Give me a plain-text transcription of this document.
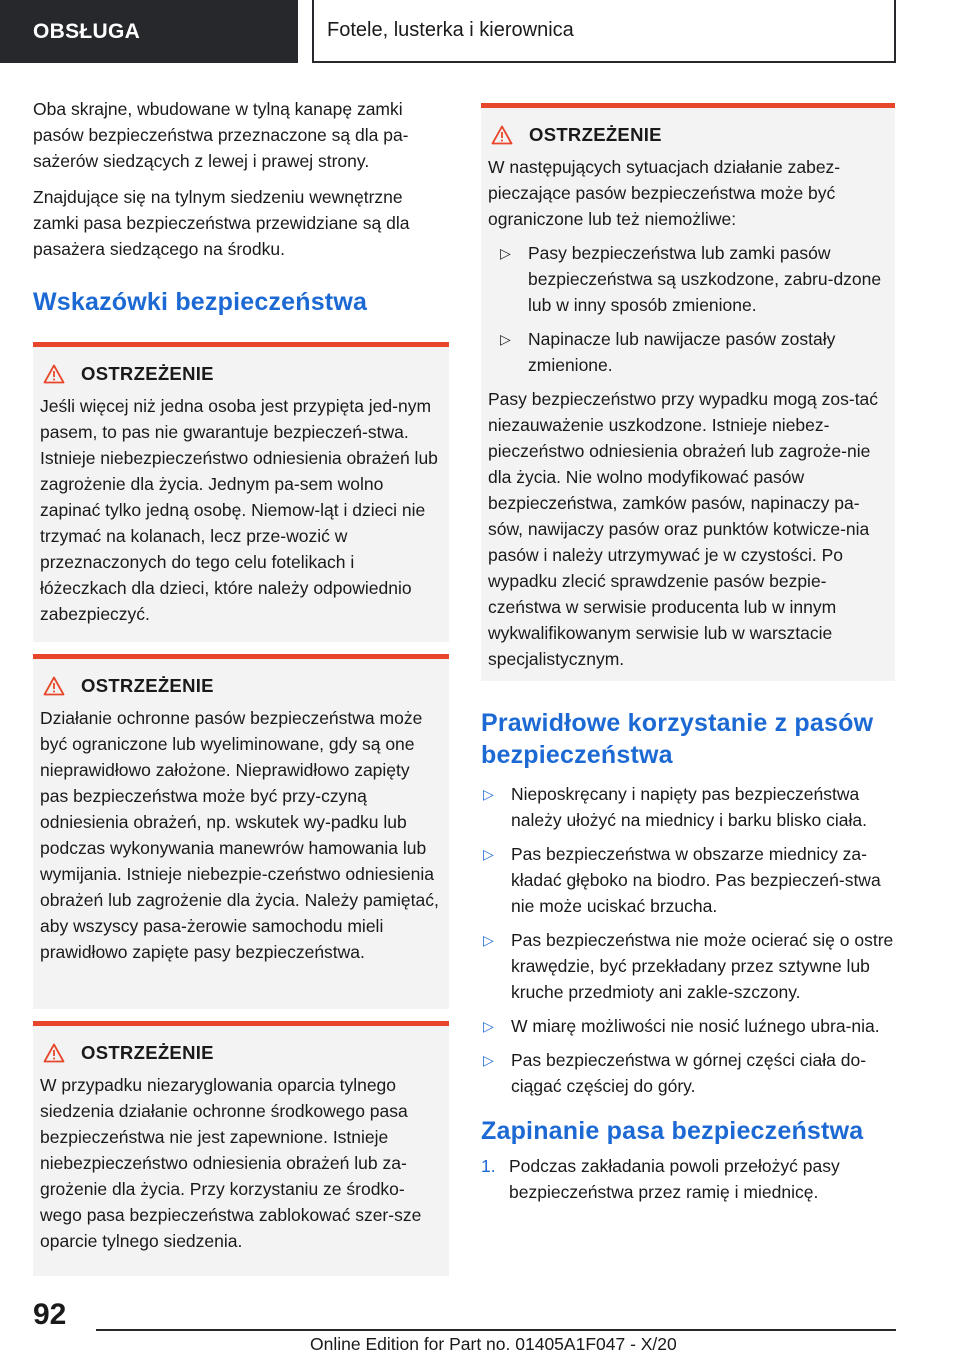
OBSŁUGA	Fotele, lusterka i kierownica

Oba skrajne, wbudowane w tylną kanapę zamki pasów bezpieczeństwa przeznaczone są dla pa-sażerów siedzących z lewej i prawej strony.

Znajdujące się na tylnym siedzeniu wewnętrzne zamki pasa bezpieczeństwa przewidziane są dla pasażera siedzącego na środku.

Wskazówki bezpieczeństwa
OSTRZEŻENIE

Jeśli więcej niż jedna osoba jest przypięta jed-nym pasem, to pas nie gwarantuje bezpieczeń-stwa. Istnieje niebezpieczeństwo odniesienia obrażeń lub zagrożenie dla życia. Jednym pa-sem wolno zapinać tylko jedną osobę. Niemow-ląt i dzieci nie trzymać na kolanach, lecz prze-wozić w przeznaczonych do tego celu fotelikach i łóżeczkach dla dzieci, które należy odpowiednio zabezpieczyć.

OSTRZEŻENIE

Działanie ochronne pasów bezpieczeństwa może być ograniczone lub wyeliminowane, gdy są one nieprawidłowo założone. Nieprawidłowo zapięty pas bezpieczeństwa może być przy-czyną odniesienia obrażeń, np. wskutek wy-padku lub podczas wykonywania manewrów hamowania lub wymijania. Istnieje niebezpie-czeństwo odniesienia obrażeń lub zagrożenie dla życia. Należy pamiętać, aby wszyscy pasa-żerowie samochodu mieli prawidłowo zapięte pasy bezpieczeństwa.

OSTRZEŻENIE

W przypadku niezaryglowania oparcia tylnego siedzenia działanie ochronne środkowego pasa bezpieczeństwa nie jest zapewnione. Istnieje niebezpieczeństwo odniesienia obrażeń lub za-grożenie dla życia. Przy korzystaniu ze środko-wego pasa bezpieczeństwa zablokować szer-sze oparcie tylnego siedzenia.

OSTRZEŻENIE

W następujących sytuacjach działanie zabez-pieczające pasów bezpieczeństwa może być ograniczone lub też niemożliwe:

▷ Pasy bezpieczeństwa lub zamki pasów bezpieczeństwa są uszkodzone, zabru-dzone lub w inny sposób zmienione.
▷ Napinacze lub nawijacze pasów zostały zmienione.

Pasy bezpieczeństwo przy wypadku mogą zos-tać niezauważenie uszkodzone. Istnieje niebez-pieczeństwo odniesienia obrażeń lub zagroże-nie dla życia. Nie wolno modyfikować pasów bezpieczeństwa, zamków pasów, napinaczy pa-sów, nawijaczy pasów oraz punktów kotwicze-nia pasów i należy utrzymywać je w czystości. Po wypadku zlecić sprawdzenie pasów bezpie-czeństwa w serwisie producenta lub w innym wykwalifikowanym serwisie lub w warsztacie specjalistycznym.

Prawidłowe korzystanie z pasów bezpieczeństwa
▷ Nieposkręcany i napięty pas bezpieczeństwa należy ułożyć na miednicy i barku blisko ciała.
▷ Pas bezpieczeństwa w obszarze miednicy za-kładać głęboko na biodro. Pas bezpieczeń-stwa nie może uciskać brzucha.
▷ Pas bezpieczeństwa nie może ocierać się o ostre krawędzie, być przekładany przez sztywne lub kruche przedmioty ani zakle-szczony.
▷ W miarę możliwości nie nosić luźnego ubra-nia.
▷ Pas bezpieczeństwa w górnej części ciała do-ciągać częściej do góry.
Zapinanie pasa bezpieczeństwa
1. Podczas zakładania powoli przełożyć pasy bezpieczeństwa przez ramię i miednicę.
92
Online Edition for Part no. 01405A1F047 - X/20
